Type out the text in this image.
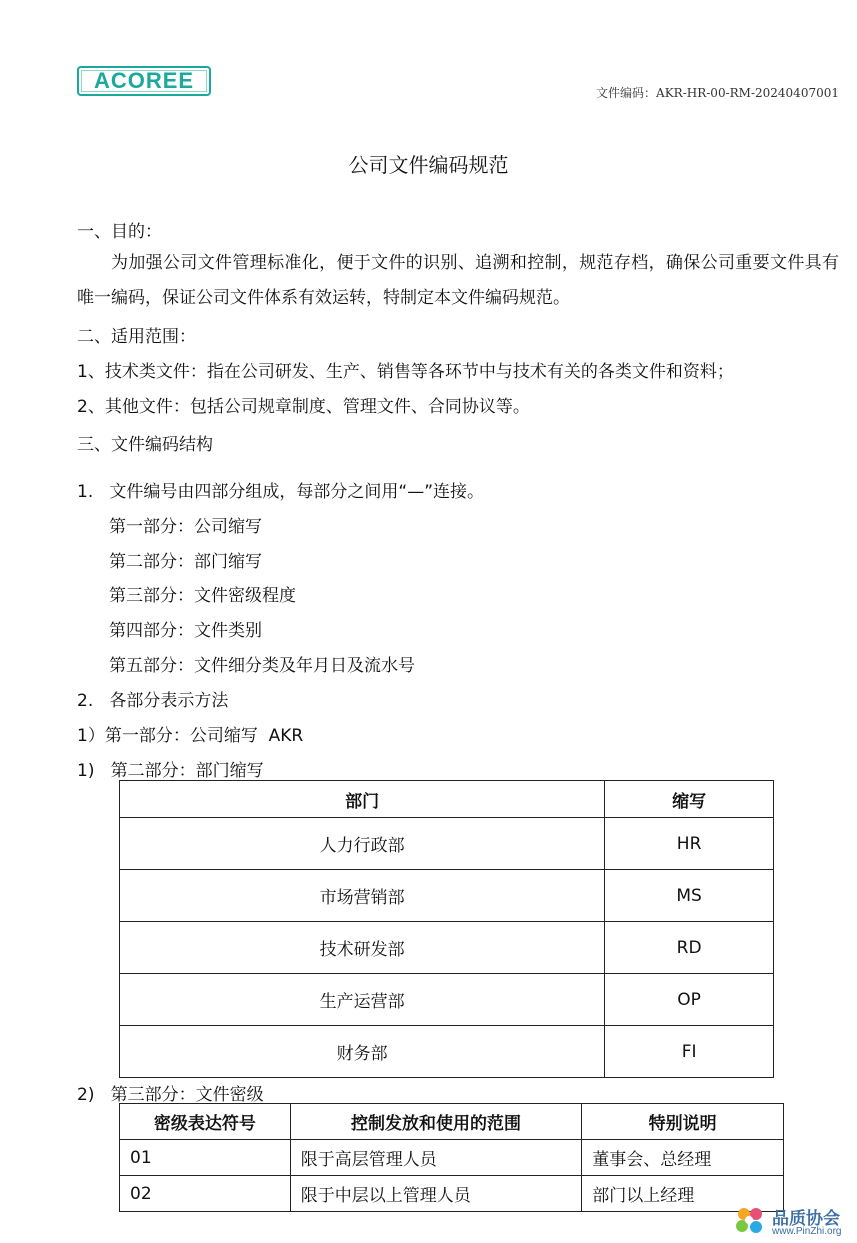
ACOREE	文件编码：AKR-HR-00-RM-20240407001
公司文件编码规范
一、目的：
为加强公司文件管理标准化，便于文件的识别、追溯和控制，规范存档，确保公司重要文件具有唯一编码，保证公司文件体系有效运转，特制定本文件编码规范。
二、适用范围：
1、技术类文件：指在公司研发、生产、销售等各环节中与技术有关的各类文件和资料；
2、其他文件：包括公司规章制度、管理文件、合同协议等。
三、文件编码结构
1.   文件编号由四部分组成，每部分之间用“—”连接。
第一部分：公司缩写
第二部分：部门缩写
第三部分：文件密级程度
第四部分：文件类别
第五部分：文件细分类及年月日及流水号
2.   各部分表示方法
1）第一部分：公司缩写  AKR
1)   第二部分：部门缩写
部门	缩写
人力行政部	HR
市场营销部	MS
技术研发部	RD
生产运营部	OP
财务部	FI
2)   第三部分：文件密级
密级表达符号	控制发放和使用的范围	特别说明
01	限于高层管理人员	董事会、总经理
02	限于中层以上管理人员	部门以上经理
品质协会
www.PinZhi.org
